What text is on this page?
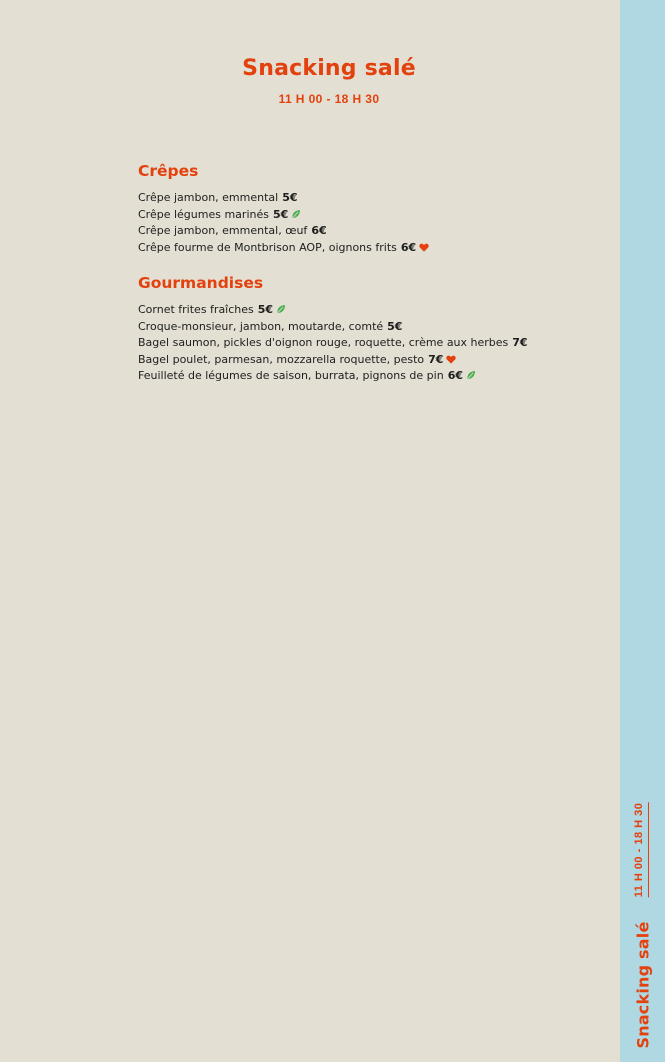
Snacking salé
11 H 00 - 18 H 30
Snacking salé
11 H 00 - 18 H 30
Crêpes
Crêpe jambon, emmental 5€
Crêpe légumes marinés 5€
Crêpe jambon, emmental, œuf 6€
Crêpe fourme de Montbrison AOP, oignons frits 6€
Gourmandises
Cornet frites fraîches 5€
Croque-monsieur, jambon, moutarde, comté 5€
Bagel saumon, pickles d'oignon rouge, roquette, crème aux herbes 7€
Bagel poulet, parmesan, mozzarella roquette, pesto 7€
Feuilleté de légumes de saison, burrata, pignons de pin 6€
